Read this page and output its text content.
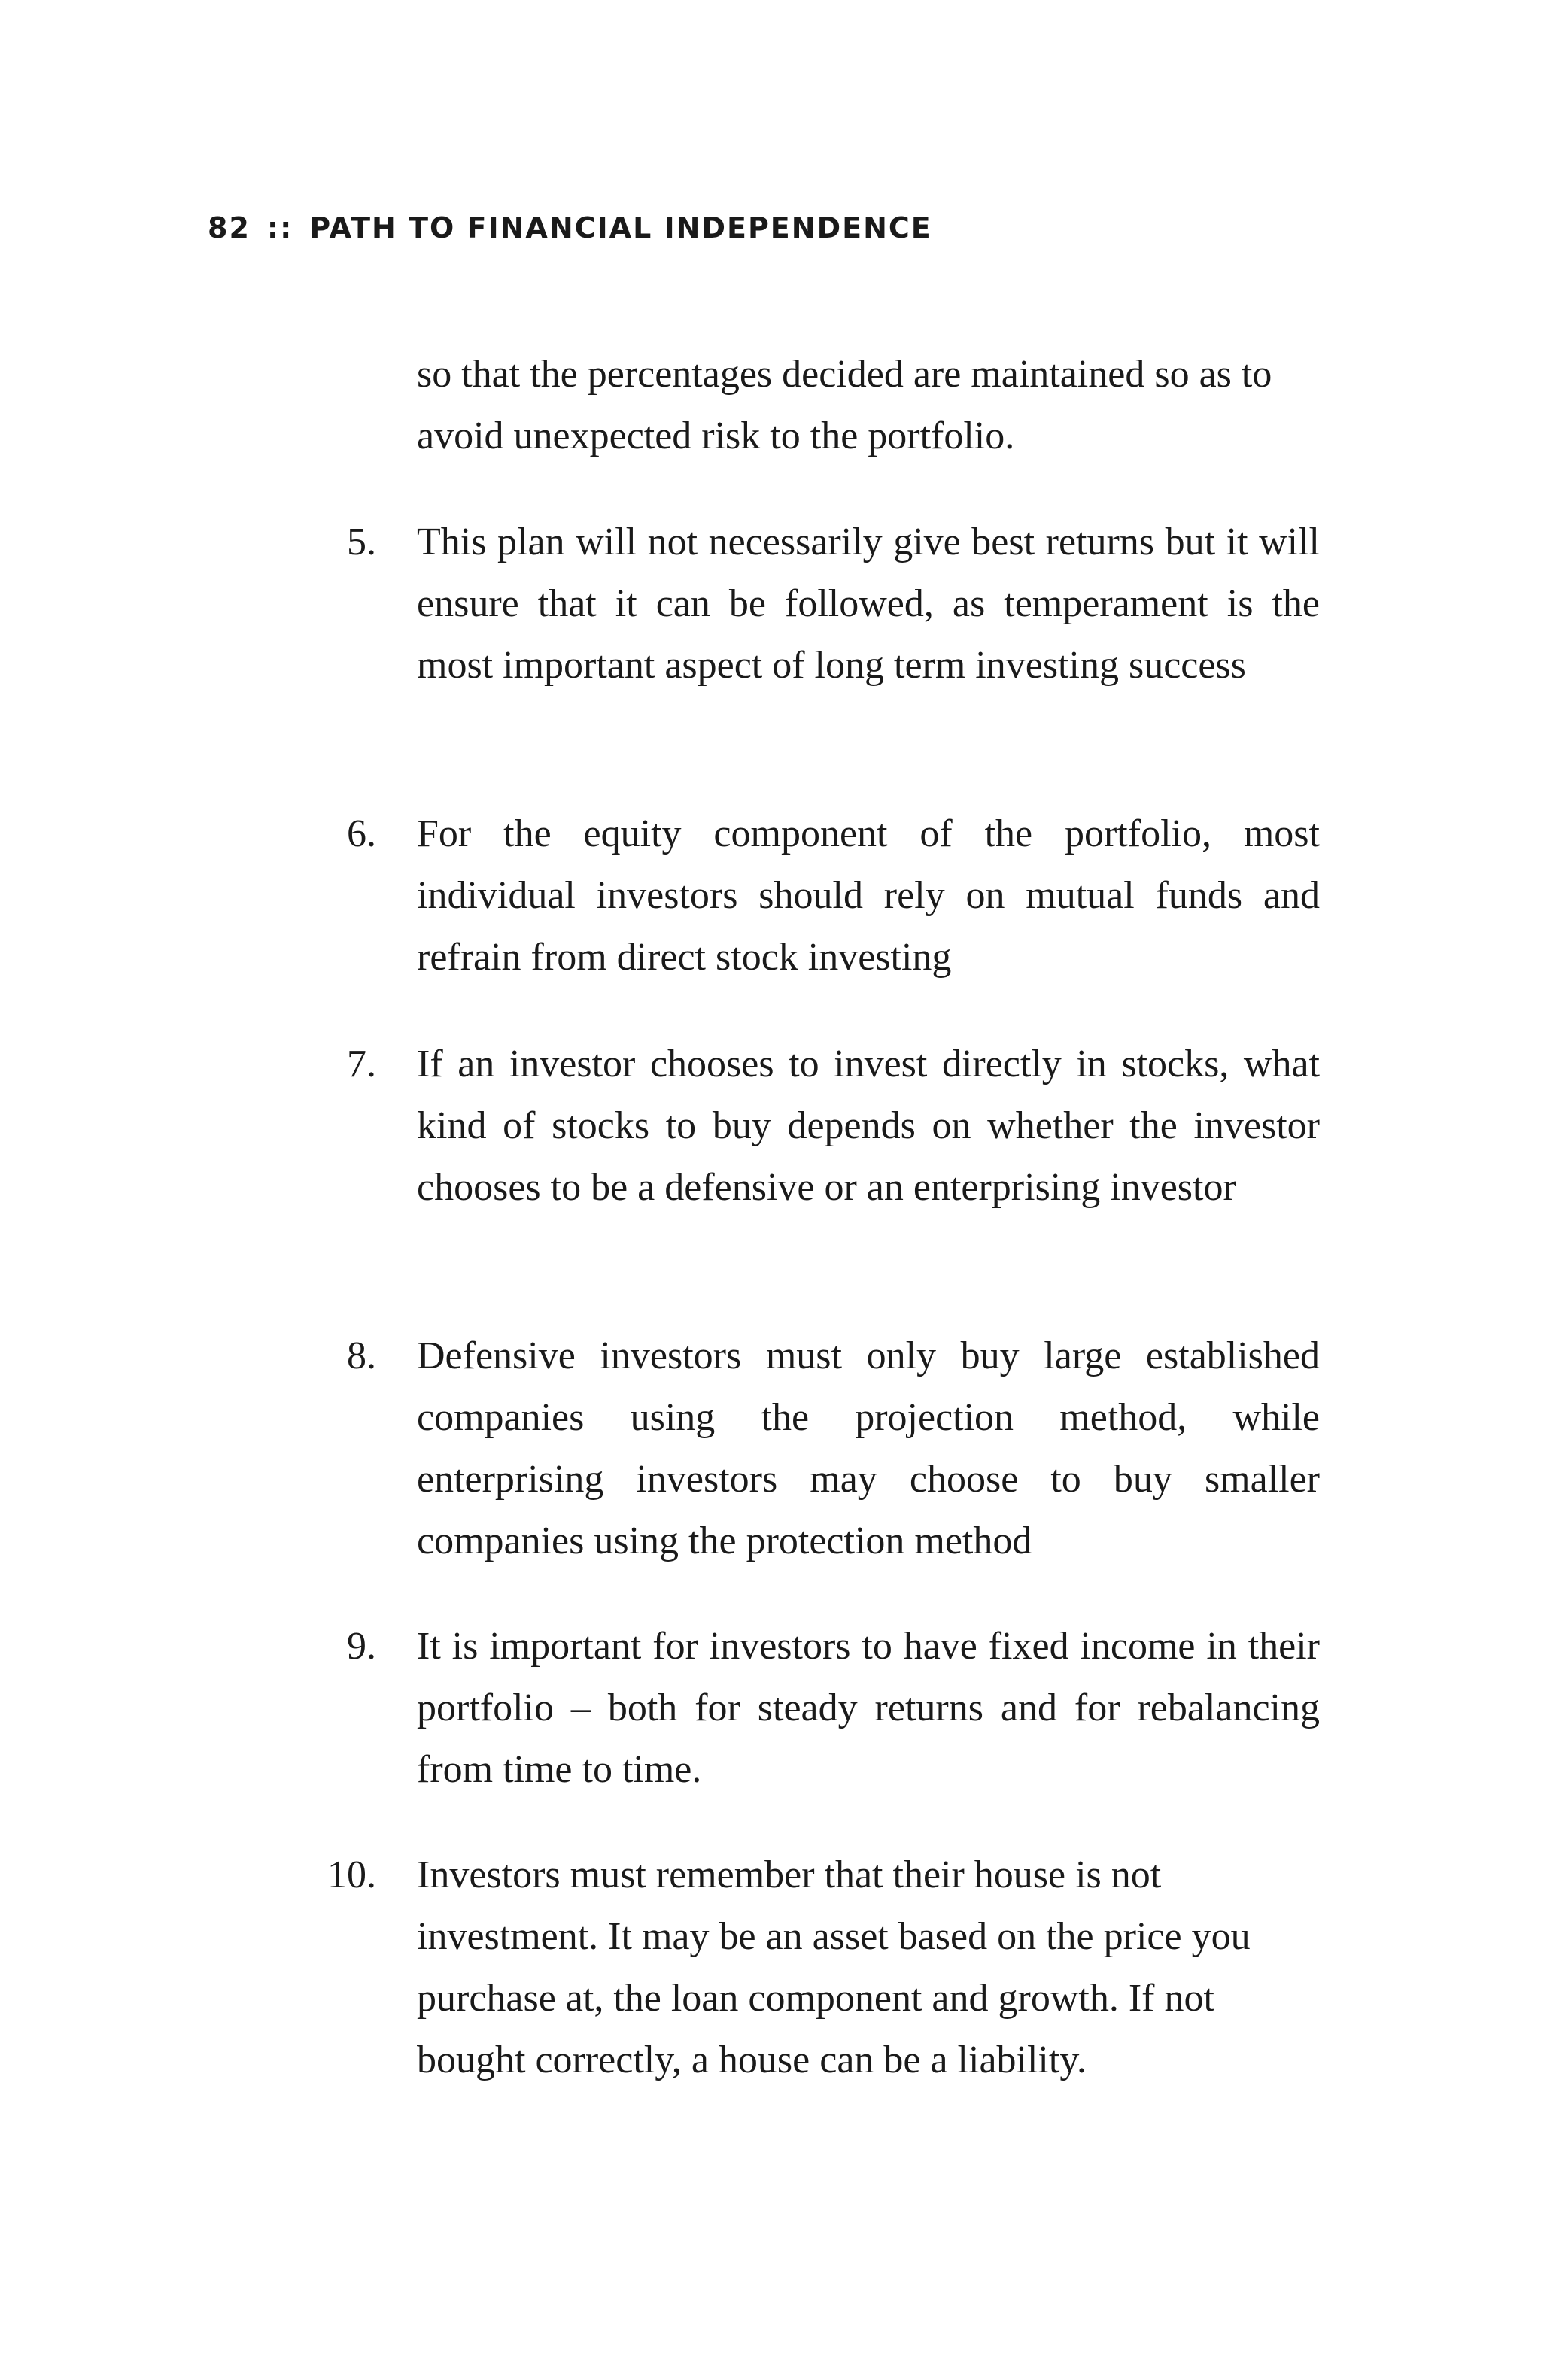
82 :: PATH TO FINANCIAL INDEPENDENCE

so that the percentages decided are maintained so as to avoid unexpected risk to the portfolio.

5. This plan will not necessarily give best returns but it will ensure that it can be followed, as temperament is the most important aspect of long term investing success

6. For the equity component of the portfolio, most individual investors should rely on mutual funds and refrain from direct stock investing

7. If an investor chooses to invest directly in stocks, what kind of stocks to buy depends on whether the investor chooses to be a defensive or an enterprising investor

8. Defensive investors must only buy large established companies using the projection method, while enterprising investors may choose to buy smaller companies using the protection method

9. It is important for investors to have fixed income in their portfolio – both for steady returns and for rebalancing from time to time.

10. Investors must remember that their house is not investment. It may be an asset based on the price you purchase at, the loan component and growth. If not bought correctly, a house can be a liability.
